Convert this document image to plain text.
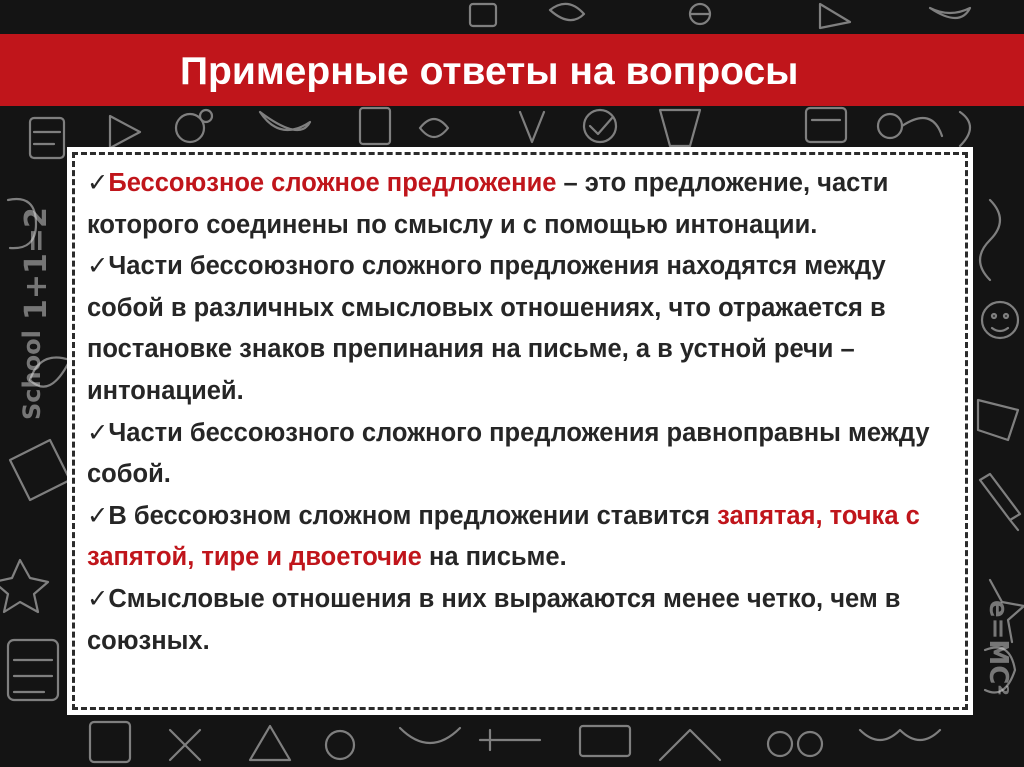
1+1=2
School
e=MC²
Примерные ответы на вопросы

✓Бессоюзное сложное предложение – это предложение, части которого соединены по смыслу и с помощью интонации.

✓Части бессоюзного сложного предложения находятся между собой в различных смысловых отношениях, что отражается в постановке знаков препинания на письме, а в устной речи – интонацией.

✓Части бессоюзного сложного предложения равноправны между собой.

✓В бессоюзном сложном предложении ставится запятая, точка с запятой, тире и двоеточие на письме.

✓Смысловые отношения в них выражаются менее четко, чем в союзных.
